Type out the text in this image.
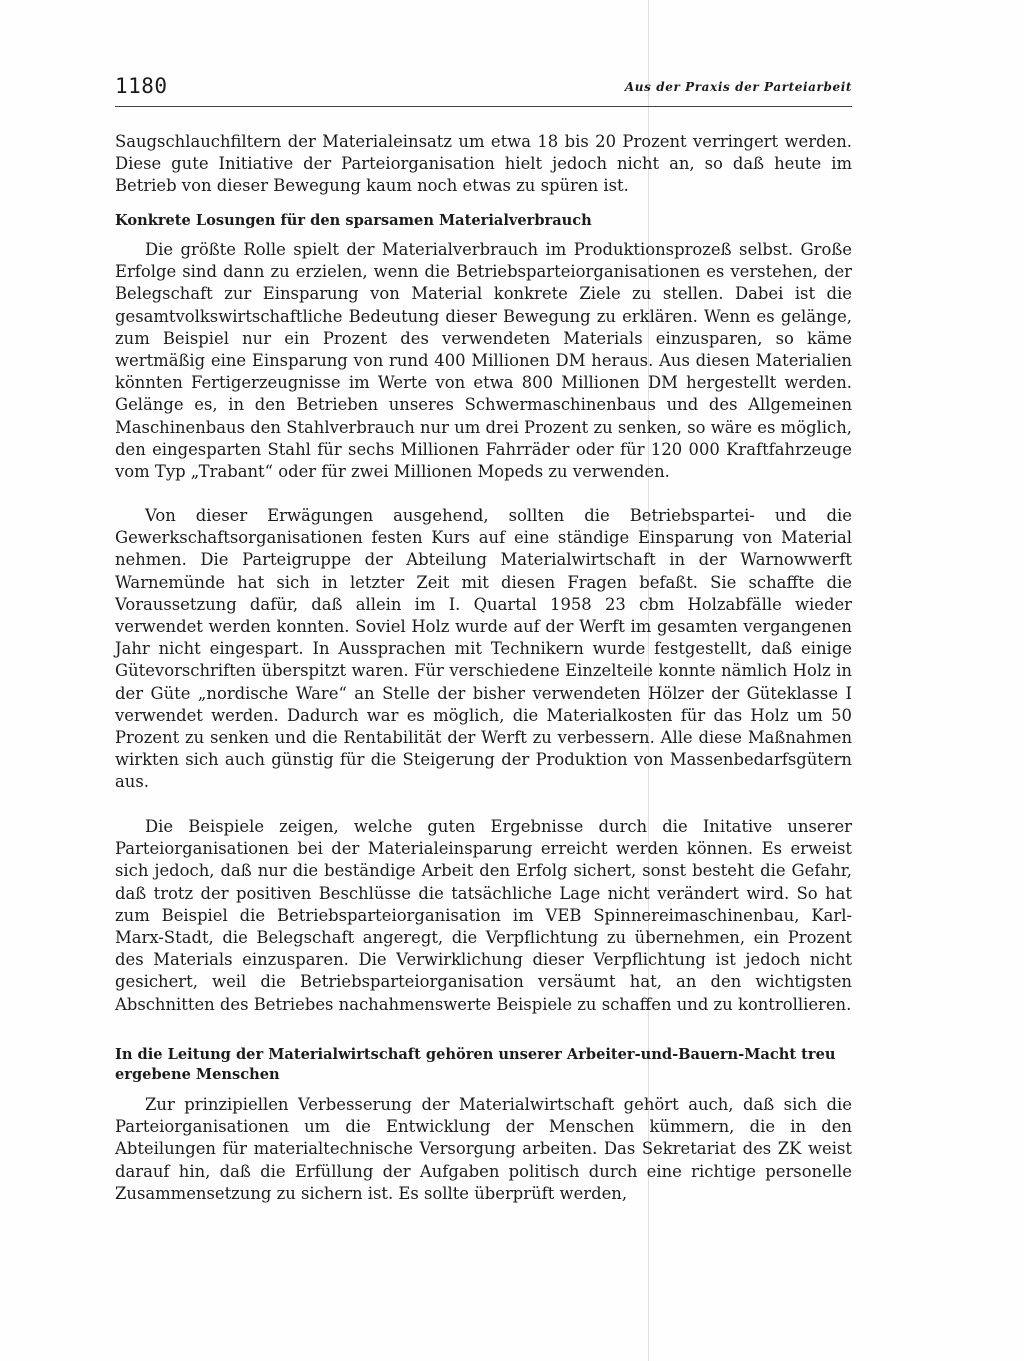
1180	Aus der Praxis der Parteiarbeit

Saugschlauchfiltern der Materialeinsatz um etwa 18 bis 20 Prozent verringert werden. Diese gute Initiative der Parteiorganisation hielt jedoch nicht an, so daß heute im Betrieb von dieser Bewegung kaum noch etwas zu spüren ist.

Konkrete Losungen für den sparsamen Materialverbrauch

Die größte Rolle spielt der Materialverbrauch im Produktionsprozeß selbst. Große Erfolge sind dann zu erzielen, wenn die Betriebsparteiorganisationen es verstehen, der Belegschaft zur Einsparung von Material konkrete Ziele zu stellen. Dabei ist die gesamtvolkswirtschaftliche Bedeutung dieser Bewegung zu erklären. Wenn es gelänge, zum Beispiel nur ein Prozent des verwendeten Materials einzusparen, so käme wertmäßig eine Einsparung von rund 400 Millionen DM heraus. Aus diesen Materialien könnten Fertigerzeugnisse im Werte von etwa 800 Millionen DM hergestellt werden. Gelänge es, in den Betrieben unseres Schwermaschinenbaus und des Allgemeinen Maschinenbaus den Stahlverbrauch nur um drei Prozent zu senken, so wäre es möglich, den eingesparten Stahl für sechs Millionen Fahrräder oder für 120 000 Kraftfahrzeuge vom Typ „Trabant“ oder für zwei Millionen Mopeds zu verwenden.

Von dieser Erwägungen ausgehend, sollten die Betriebspartei- und die Gewerkschaftsorganisationen festen Kurs auf eine ständige Einsparung von Material nehmen. Die Parteigruppe der Abteilung Materialwirtschaft in der Warnowwerft Warnemünde hat sich in letzter Zeit mit diesen Fragen befaßt. Sie schaffte die Voraussetzung dafür, daß allein im I. Quartal 1958 23 cbm Holzabfälle wieder verwendet werden konnten. Soviel Holz wurde auf der Werft im gesamten vergangenen Jahr nicht eingespart. In Aussprachen mit Technikern wurde festgestellt, daß einige Gütevorschriften überspitzt waren. Für verschiedene Einzelteile konnte nämlich Holz in der Güte „nordische Ware“ an Stelle der bisher verwendeten Hölzer der Güteklasse I verwendet werden. Dadurch war es möglich, die Materialkosten für das Holz um 50 Prozent zu senken und die Rentabilität der Werft zu verbessern. Alle diese Maßnahmen wirkten sich auch günstig für die Steigerung der Produktion von Massenbedarfsgütern aus.

Die Beispiele zeigen, welche guten Ergebnisse durch die Initative unserer Parteiorganisationen bei der Materialeinsparung erreicht werden können. Es erweist sich jedoch, daß nur die beständige Arbeit den Erfolg sichert, sonst besteht die Gefahr, daß trotz der positiven Beschlüsse die tatsächliche Lage nicht verändert wird. So hat zum Beispiel die Betriebsparteiorganisation im VEB Spinnereimaschinenbau, Karl-Marx-Stadt, die Belegschaft angeregt, die Verpflichtung zu übernehmen, ein Prozent des Materials einzusparen. Die Verwirklichung dieser Verpflichtung ist jedoch nicht gesichert, weil die Betriebsparteiorganisation versäumt hat, an den wichtigsten Abschnitten des Betriebes nachahmenswerte Beispiele zu schaffen und zu kontrollieren.

In die Leitung der Materialwirtschaft gehören unserer Arbeiter-und-Bauern-Macht treu ergebene Menschen

Zur prinzipiellen Verbesserung der Materialwirtschaft gehört auch, daß sich die Parteiorganisationen um die Entwicklung der Menschen kümmern, die in den Abteilungen für materialtechnische Versorgung arbeiten. Das Sekretariat des ZK weist darauf hin, daß die Erfüllung der Aufgaben politisch durch eine richtige personelle Zusammensetzung zu sichern ist. Es sollte überprüft werden,
